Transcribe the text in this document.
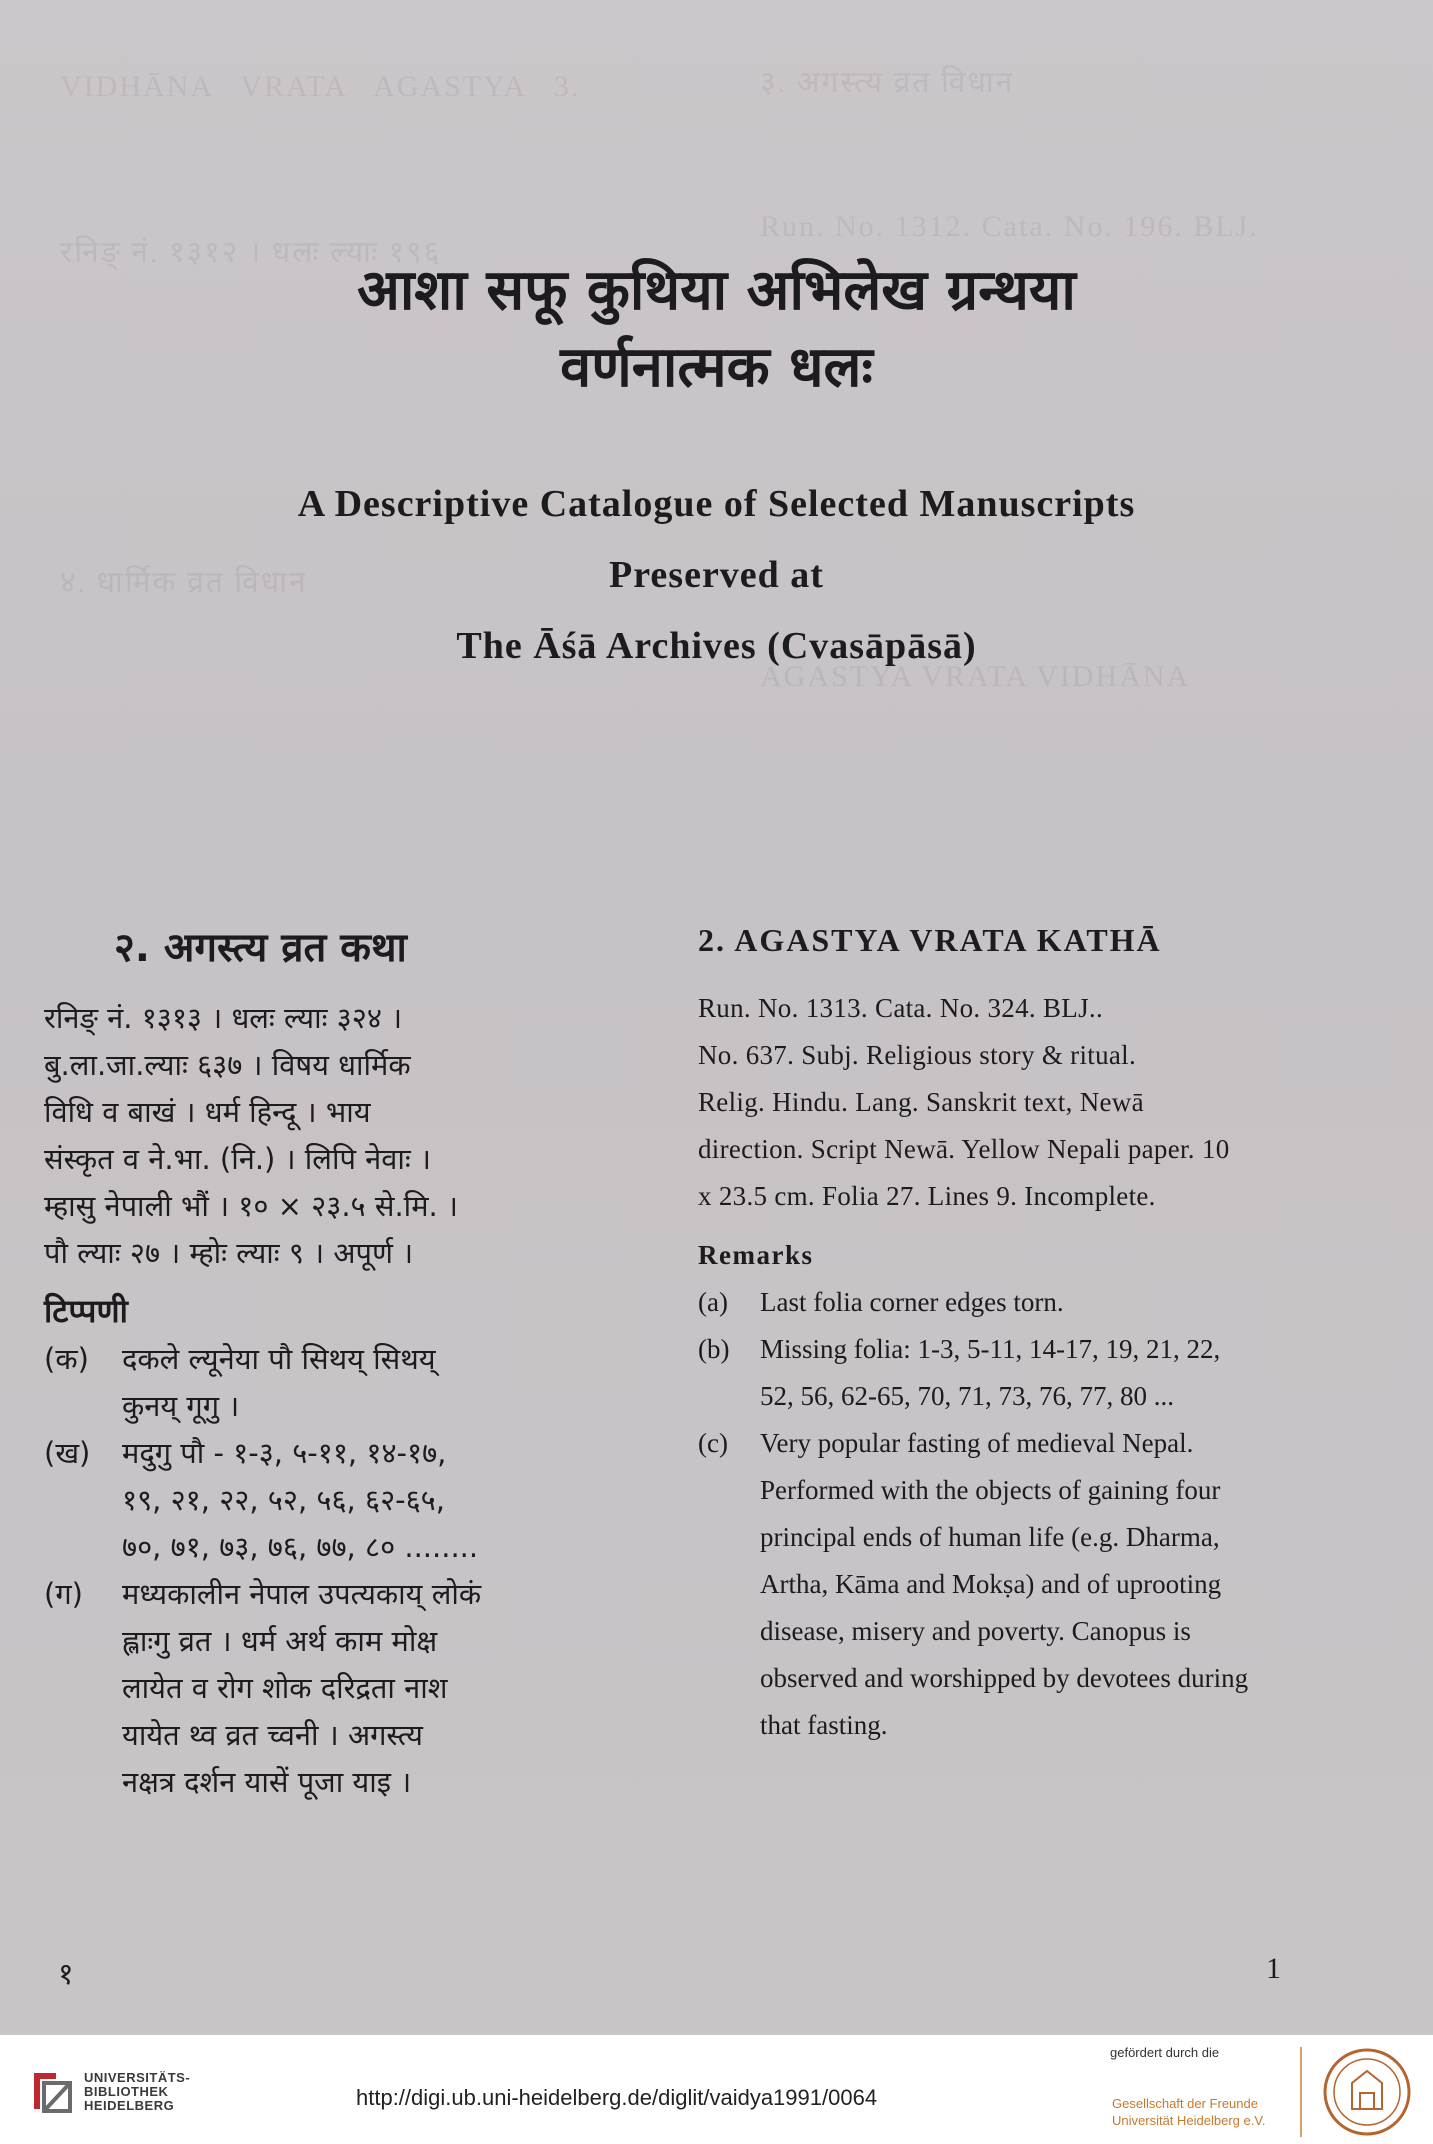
VIDHĀNA   VRATA   AGASTYA   3.	३. अगस्त्य व्रत विधान
Run. No. 1312. Cata. No. 196. BLJ.
रनिङ् नं. १३१२ । धलः ल्याः १९६
AGASTYA VRATA VIDHĀNA
४. धार्मिक व्रत विधान
आशा सफू कुथिया अभिलेख ग्रन्थया
वर्णनात्मक धलः
A Descriptive Catalogue of Selected Manuscripts
Preserved at
The Āśā Archives (Cvasāpāsā)
२. अगस्त्य व्रत कथा

रनिङ् नं. १३१३ । धलः ल्याः ३२४ ।
बु.ला.जा.ल्याः ६३७ । विषय धार्मिक
विधि व बाखं । धर्म हिन्दू । भाय
संस्कृत व ने.भा. (नि.) । लिपि नेवाः ।
म्हासु नेपाली भौं । १० × २३.५ से.मि. ।
पौ ल्याः २७ । म्होः ल्याः ९ । अपूर्ण ।

टिप्पणी
(क)	दकले ल्यूनेया पौ सिथय् सिथय्
कुनय् गूगु ।
(ख)	मदुगु पौ - १-३, ५-११, १४-१७,
१९, २१, २२, ५२, ५६, ६२-६५,
७०, ७१, ७३, ७६, ७७, ८० ........
(ग)	मध्यकालीन नेपाल उपत्यकाय् लोकं
ह्लाःगु व्रत । धर्म अर्थ काम मोक्ष
लायेत व रोग शोक दरिद्रता नाश
यायेत थ्व व्रत च्वनी । अगस्त्य
नक्षत्र दर्शन यासें पूजा याइ ।
2. AGASTYA VRATA KATHĀ

Run. No. 1313. Cata. No. 324. BLJ..
No. 637. Subj. Religious story & ritual.
Relig. Hindu. Lang. Sanskrit text, Newā
direction. Script Newā. Yellow Nepali paper. 10
x 23.5 cm. Folia 27. Lines 9. Incomplete.

Remarks
(a)	Last folia corner edges torn.
(b)	Missing folia: 1-3, 5-11, 14-17, 19, 21, 22,
52, 56, 62-65, 70, 71, 73, 76, 77, 80 ...
(c)	Very popular fasting of medieval Nepal.
Performed with the objects of gaining four
principal ends of human life (e.g. Dharma,
Artha, Kāma and Mokṣa) and of uprooting
disease, misery and poverty. Canopus is
observed and worshipped by devotees during
that fasting.
१	1
UNIVERSITÄTS-
BIBLIOTHEK
HEIDELBERG	http://digi.ub.uni-heidelberg.de/diglit/vaidya1991/0064
gefördert durch die
Gesellschaft der Freunde
Universität Heidelberg e.V.
